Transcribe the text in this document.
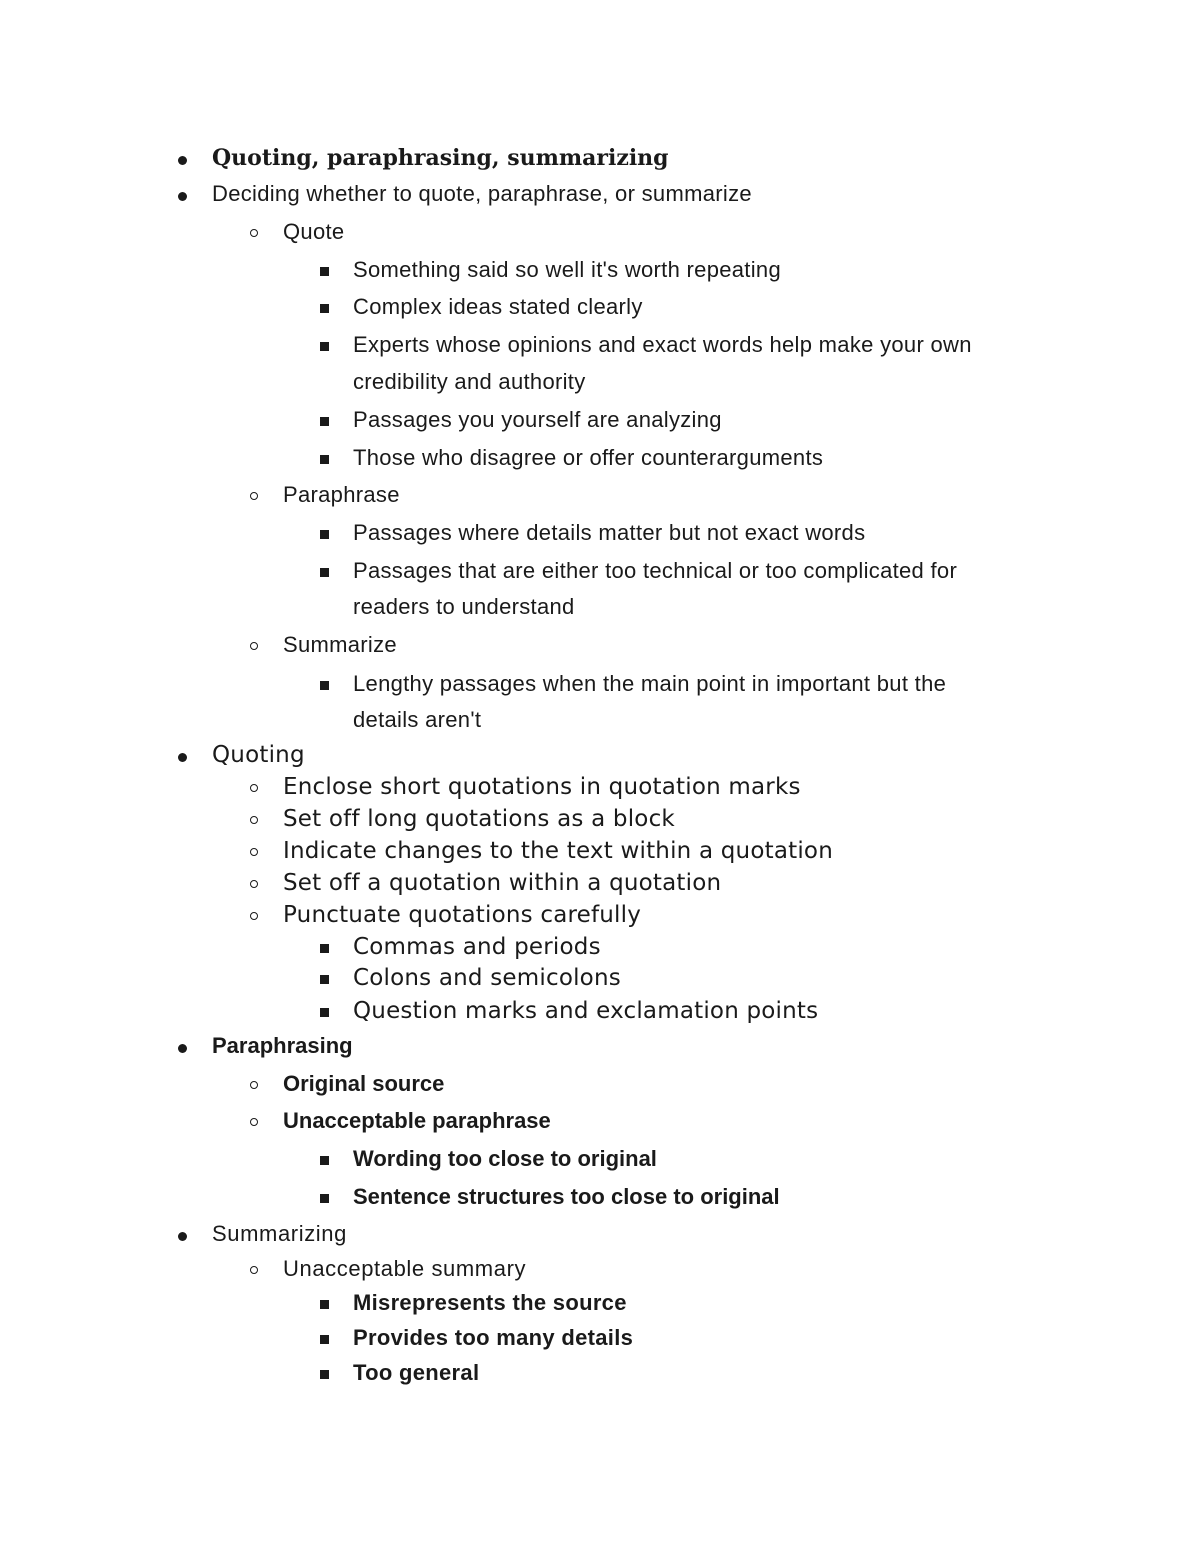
Quoting, paraphrasing, summarizing
Deciding whether to quote, paraphrase, or summarize
Quote
Something said so well it's worth repeating
Complex ideas stated clearly
Experts whose opinions and exact words help make your own
credibility and authority
Passages you yourself are analyzing
Those who disagree or offer counterarguments
Paraphrase
Passages where details matter but not exact words
Passages that are either too technical or too complicated for
readers to understand
Summarize
Lengthy passages when the main point in important but the
details aren't
Quoting
Enclose short quotations in quotation marks
Set off long quotations as a block
Indicate changes to the text within a quotation
Set off a quotation within a quotation
Punctuate quotations carefully
Commas and periods
Colons and semicolons
Question marks and exclamation points
Paraphrasing
Original source
Unacceptable paraphrase
Wording too close to original
Sentence structures too close to original
Summarizing
Unacceptable summary
Misrepresents the source
Provides too many details
Too general
